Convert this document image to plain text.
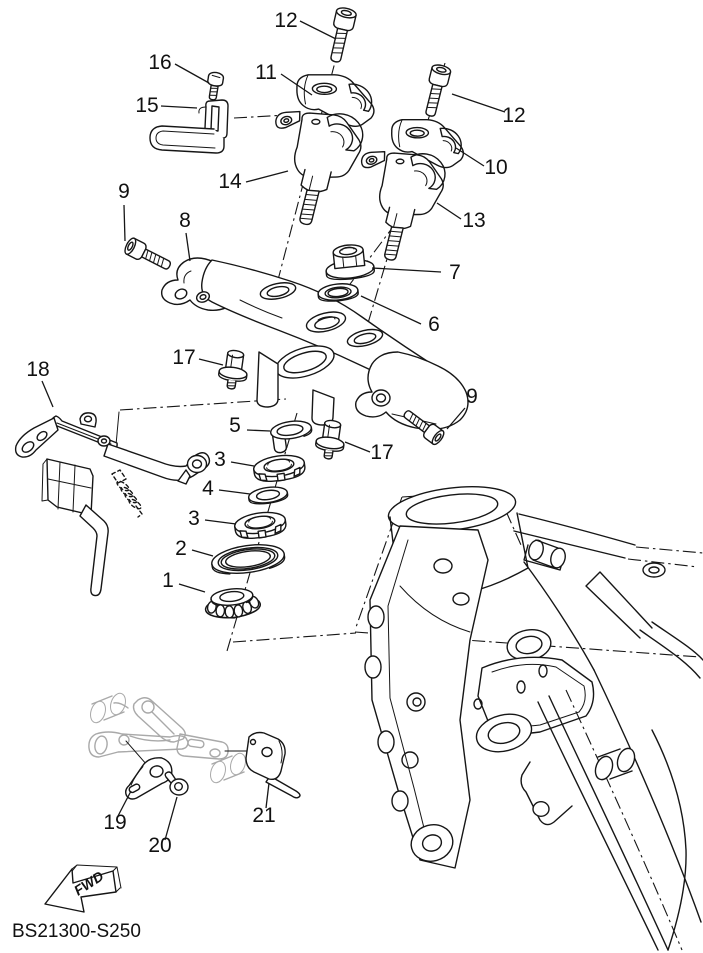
12
16	11
15	12
10
14
13
9
8
7
6
17
18
9
5
3	17
4
3
2
1
19
20
21
FWD
BS21300-S250
